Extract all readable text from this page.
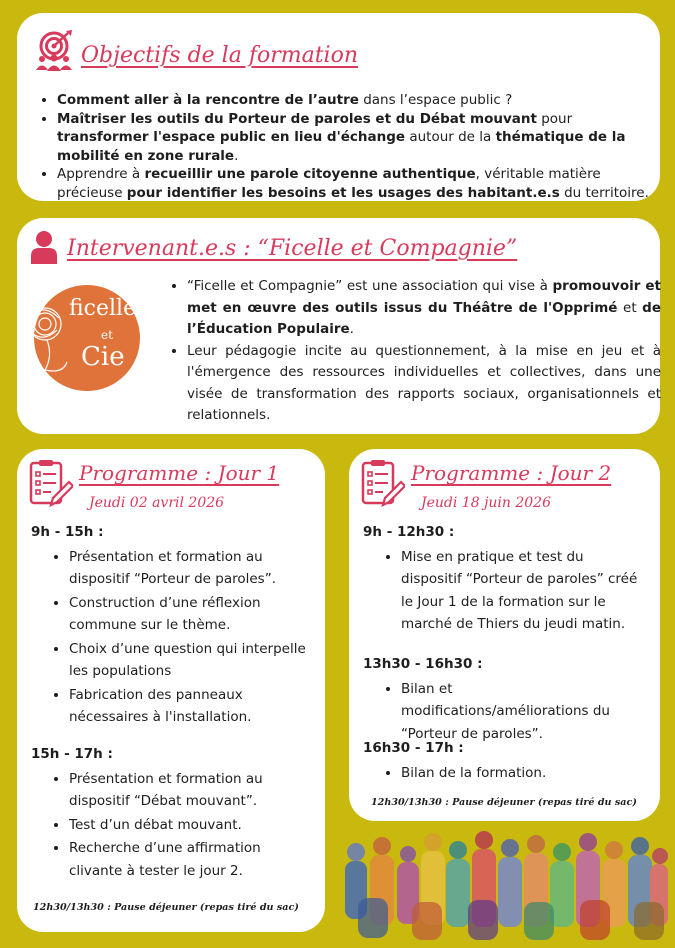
Objectifs de la formation
• Comment aller à la rencontre de l’autre dans l’espace public ?
• Maîtriser les outils du Porteur de paroles et du Débat mouvant pour transformer l'espace public en lieu d'échange autour de la thématique de la mobilité en zone rurale.
• Apprendre à recueillir une parole citoyenne authentique, véritable matière précieuse pour identifier les besoins et les usages des habitant.e.s du territoire.
Intervenant.e.s : “Ficelle et Compagnie”
ficelle
et
Cie
• “Ficelle et Compagnie” est une association qui vise à promouvoir et met en œuvre des outils issus du Théâtre de l'Opprimé et de l’Éducation Populaire.
• Leur pédagogie incite au questionnement, à la mise en jeu et à l'émergence des ressources individuelles et collectives, dans une visée de transformation des rapports sociaux, organisationnels et relationnels.
Programme : Jour 1
Jeudi 02 avril 2026
9h - 15h :
• Présentation et formation au dispositif “Porteur de paroles”.
• Construction d’une réflexion commune sur le thème.
• Choix d’une question qui interpelle les populations
• Fabrication des panneaux nécessaires à l'installation.
15h - 17h :
• Présentation et formation au dispositif “Débat mouvant”.
• Test d’un débat mouvant.
• Recherche d’une affirmation clivante à tester le jour 2.
12h30/13h30 : Pause déjeuner (repas tiré du sac)
Programme : Jour 2
Jeudi 18 juin 2026
9h - 12h30 :
• Mise en pratique et test du dispositif “Porteur de paroles” créé le Jour 1 de la formation sur le marché de Thiers du jeudi matin.
13h30 - 16h30 :
• Bilan et modifications/améliorations du “Porteur de paroles”.
16h30 - 17h :
• Bilan de la formation.
12h30/13h30 : Pause déjeuner (repas tiré du sac)
